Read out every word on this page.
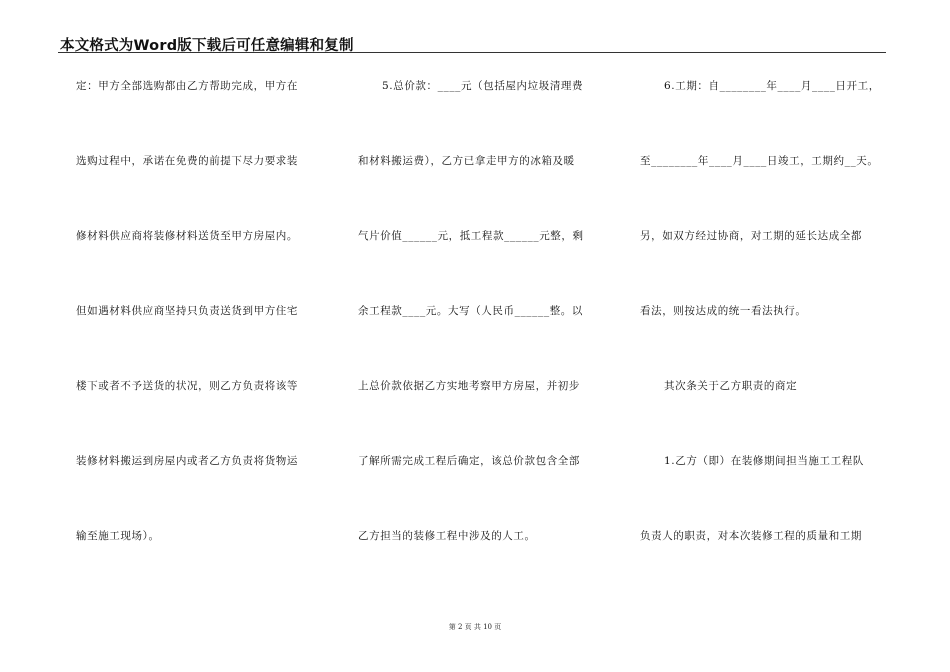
本文格式为Word版下载后可任意编辑和复制
定：甲方全部选购都由乙方帮助完成，甲方在
选购过程中，承诺在免费的前提下尽力要求装
修材料供应商将装修材料送货至甲方房屋内。
但如遇材料供应商坚持只负责送货到甲方住宅
楼下或者不予送货的状况，则乙方负责将该等
装修材料搬运到房屋内或者乙方负责将货物运
输至施工现场）。
5.总价款：____元（包括屋内垃圾清理费
和材料搬运费），乙方已拿走甲方的冰箱及暖
气片价值______元，抵工程款______元整，剩
余工程款____元。大写（人民币______整。以
上总价款依据乙方实地考察甲方房屋，并初步
了解所需完成工程后确定，该总价款包含全部
乙方担当的装修工程中涉及的人工。
6.工期：自________年____月____日开工，
至________年____月____日竣工，工期约__天。
另，如双方经过协商，对工期的延长达成全都
看法，则按达成的统一看法执行。
其次条关于乙方职责的商定
1.乙方（即）在装修期间担当施工工程队
负责人的职责，对本次装修工程的质量和工期
第 2 页 共 10 页
